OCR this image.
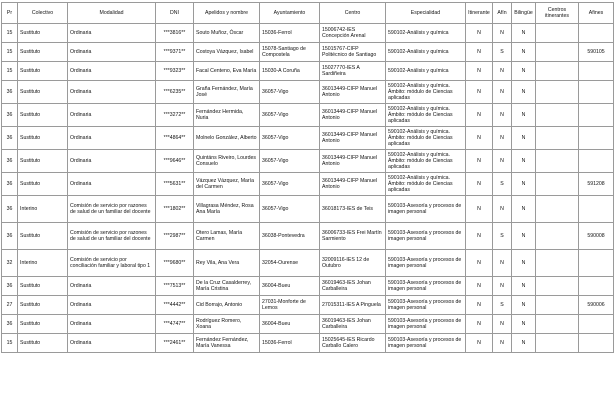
Pr	Colectivo	Modalidad	DNI	Apelidos y nombre	Ayuntamiento	Centro	Especialidad	Itinerante	Afín	Bilingüe	Centros itinerantes	Afines
15	Sustituto	Ordinaria	***3816**	Souto Muñoz, Óscar	15036-Ferrol	15006742-IES Concepción Arenal	590102-Análisis y química	N	N	N		
15	Sustituto	Ordinaria	***9371**	Costoya Vázquez, Isabel	15078-Santiago de Compostela	15015767-CIFP Politécnico de Santiago	590102-Análisis y química	N	S	N		590105
15	Sustituto	Ordinaria	***9323**	Facal Centeno, Eva María	15030-A Coruña	15027770-IES A Sardiñeira	590102-Análisis y química	N	N	N		
36	Sustituto	Ordinaria	***6235**	Graña Fernández, María José	36057-Vigo	36013449-CIFP Manuel Antonio	590102-Análisis y química. Ámbito: módulo de Ciencias aplicadas	N	N	N		
36	Sustituto	Ordinaria	***3272**	Fernández Hermida, Nuria	36057-Vigo	36013449-CIFP Manuel Antonio	590102-Análisis y química. Ámbito: módulo de Ciencias aplicadas	N	N	N		
36	Sustituto	Ordinaria	***4864**	Molnelo González, Alberto	36057-Vigo	36013449-CIFP Manuel Antonio	590102-Análisis y química. Ámbito: módulo de Ciencias aplicadas	N	N	N		
36	Sustituto	Ordinaria	***9646**	Quintáns Riveiro, Lourdes Consuelo	36057-Vigo	36013449-CIFP Manuel Antonio	590102-Análisis y química. Ámbito: módulo de Ciencias aplicadas	N	N	N		
36	Sustituto	Ordinaria	***5631**	Vázquez Vázquez, María del Carmen	36057-Vigo	36013449-CIFP Manuel Antonio	590102-Análisis y química. Ámbito: módulo de Ciencias aplicadas	N	S	N		591208
36	Interino	Comisión de servicio por razones de salud de un familiar del docente	***1802**	Villagrasa Méndez, Rosa Ana María	36057-Vigo	36018173-IES de Teis	590103-Asesoría y procesos de imagen personal	N	N	N		
36	Sustituto	Comisión de servicio por razones de salud de un familiar del docente	***2987**	Otero Lamas, María Carmen	36038-Pontevedra	36006733-IES Frei Martín Sarmiento	590103-Asesoría y procesos de imagen personal	N	S	N		590008
32	Interino	Comisión de servicio por conciliación familiar y laboral tipo 1	***9680**	Rey Vila, Ana Vera	32054-Ourense	32009116-IES 12 de Outubro	590103-Asesoría y procesos de imagen personal	N	N	N		
36	Sustituto	Ordinaria	***7513**	De la Cruz Casalderrey, María Cristina	36004-Bueu	36019463-IES Johan Carballeira	590103-Asesoría y procesos de imagen personal	N	N	N		
27	Sustituto	Ordinaria	***4442**	Cid Borrajo, Antonio	27031-Monforte de Lemos	27015311-IES A Pinguela	590103-Asesoría y procesos de imagen personal	N	S	N		590006
36	Sustituto	Ordinaria	***4747**	Rodríguez Romero, Xoana	36004-Bueu	36019463-IES Johan Carballeira	590103-Asesoría y procesos de imagen personal	N	N	N		
15	Sustituto	Ordinaria	***2461**	Fernández Fernández, María Vanessa	15036-Ferrol	15025645-IES Ricardo Carballo Calero	590103-Asesoría y procesos de imagen personal	N	N	N		
